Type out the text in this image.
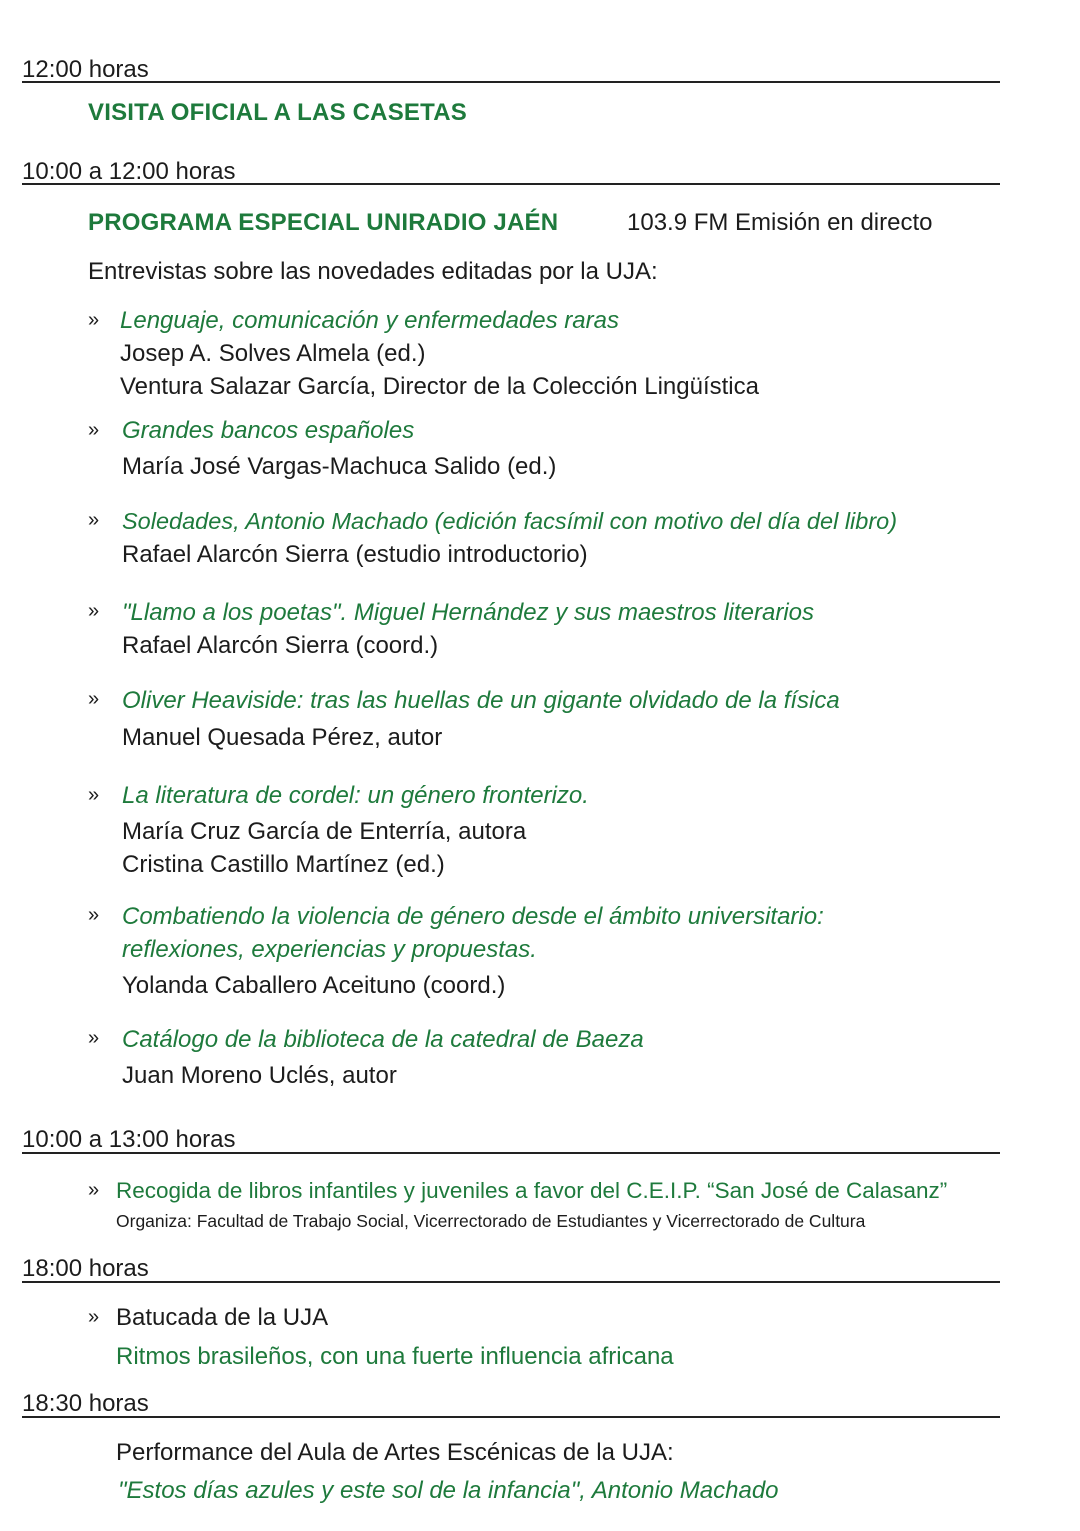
12:00 horas
VISITA OFICIAL A LAS CASETAS
10:00 a 12:00 horas
PROGRAMA ESPECIAL UNIRADIO JAÉN	103.9 FM Emisión en directo
Entrevistas sobre las novedades editadas por la UJA:
» Lenguaje, comunicación y enfermedades raras
Josep A. Solves Almela (ed.)
Ventura Salazar García, Director de la Colección Lingüística
» Grandes bancos españoles
María José Vargas-Machuca Salido (ed.)
» Soledades, Antonio Machado (edición facsímil con motivo del día del libro)
Rafael Alarcón Sierra (estudio introductorio)
» "Llamo a los poetas". Miguel Hernández y sus maestros literarios
Rafael Alarcón Sierra (coord.)
» Oliver Heaviside: tras las huellas de un gigante olvidado de la física
Manuel Quesada Pérez, autor
» La literatura de cordel: un género fronterizo.
María Cruz García de Enterría, autora
Cristina Castillo Martínez (ed.)
» Combatiendo la violencia de género desde el ámbito universitario:
reflexiones, experiencias y propuestas.
Yolanda Caballero Aceituno (coord.)
» Catálogo de la biblioteca de la catedral de Baeza
Juan Moreno Uclés, autor
10:00 a 13:00 horas
» Recogida de libros infantiles y juveniles a favor del C.E.I.P. “San José de Calasanz”
Organiza: Facultad de Trabajo Social, Vicerrectorado de Estudiantes y Vicerrectorado de Cultura
18:00 horas
» Batucada de la UJA
Ritmos brasileños, con una fuerte influencia africana
18:30 horas
Performance del Aula de Artes Escénicas de la UJA:
"Estos días azules y este sol de la infancia", Antonio Machado
